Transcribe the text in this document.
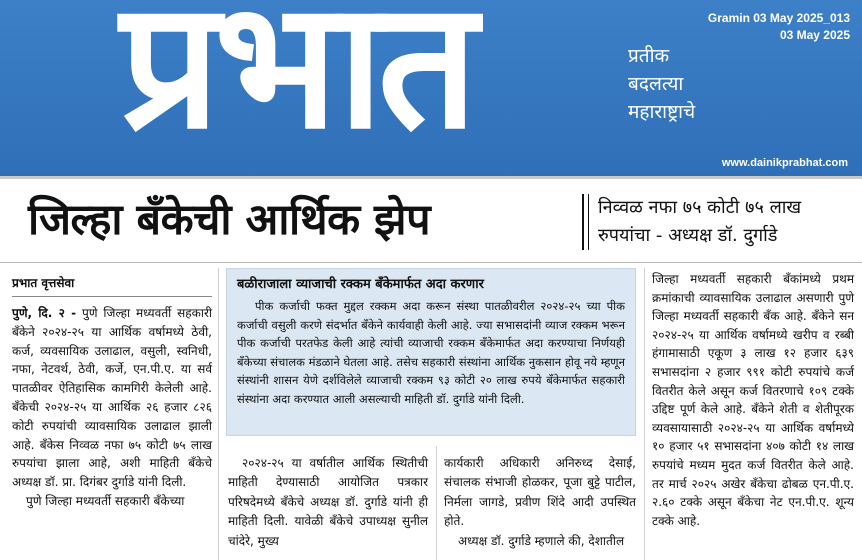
प्रभात	प्रतीक
बदलत्या
महाराष्ट्राचे
Gramin 03 May 2025_013
03 May 2025
www.dainikprabhat.com
जिल्हा बँकेची आर्थिक झेप	निव्वळ नफा ७५ कोटी ७५ लाख रुपयांचा - अध्यक्ष डॉ. दुर्गाडे
प्रभात वृत्तसेवा

पुणे, दि. २ - पुणे जिल्हा मध्यवर्ती सहकारी बँकेने २०२४-२५ या आर्थिक वर्षामध्ये ठेवी, कर्ज, व्यवसायिक उलाढाल, वसुली, स्वनिधी, नफा, नेटवर्थ, ठेवी, कर्जे, एन.पी.ए. या सर्व पातळीवर ऐतिहासिक कामगिरी केलेली आहे. बँकेची २०२४-२५ या आर्थिक २६ हजार ८२६ कोटी रुपयांची व्यावसायिक उलाढाल झाली आहे. बँकेस निव्वळ नफा ७५ कोटी ७५ लाख रुपयांचा झाला आहे, अशी माहिती बँकेचे अध्यक्ष डॉ. प्रा. दिगंबर दुर्गाडे यांनी दिली.

पुणे जिल्हा मध्यवर्ती सहकारी बँकेच्या

बळीराजाला व्याजाची रक्कम बँकेमार्फत अदा करणार
पीक कर्जाची फक्त मुद्दल रक्कम अदा करून संस्था पातळीवरील २०२४-२५ च्या पीक कर्जाची वसुली करणे संदर्भात बँकेने कार्यवाही केली आहे. ज्या सभासदांनी व्याज रक्कम भरून पीक कर्जाची परतफेड केली आहे त्यांची व्याजाची रक्कम बँकेमार्फत अदा करण्याचा निर्णयही बँकेच्या संचालक मंडळाने घेतला आहे. तसेच सहकारी संस्थांना आर्थिक नुकसान होवू नये म्हणून संस्थांनी शासन येणे दर्शविलेले व्याजाची रक्कम ९३ कोटी २० लाख रुपये बँकेमार्फत सहकारी संस्थांना अदा करण्यात आली असल्याची माहिती डॉ. दुर्गाडे यांनी दिली.
२०२४-२५ या वर्षातील आर्थिक स्थितीची माहिती देण्यासाठी आयोजित पत्रकार परिषदेमध्ये बँकेचे अध्यक्ष डॉ. दुर्गाडे यांनी ही माहिती दिली. यावेळी बँकेचे उपाध्यक्ष सुनील चांदेरे, मुख्य

कार्यकारी अधिकारी अनिरुध्द देसाई, संचालक संभाजी होळकर, पूजा बुट्टे पाटील, निर्मला जागडे, प्रवीण शिंदे आदी उपस्थित होते.

अध्यक्ष डॉ. दुर्गाडे म्हणाले की, देशातील

जिल्हा मध्यवर्ती सहकारी बँकांमध्ये प्रथम क्रमांकाची व्यावसायिक उलाढाल असणारी पुणे जिल्हा मध्यवर्ती सहकारी बँक आहे. बँकेने सन २०२४-२५ या आर्थिक वर्षामध्ये खरीप व रब्बी हंगामासाठी एकूण ३ लाख १२ हजार ६३९ सभासदांना २ हजार ९९१ कोटी रुपयांचे कर्ज वितरीत केले असून कर्ज वितरणाचे १०९ टक्के उद्दिष्ट पूर्ण केले आहे. बँकेने शेती व शेतीपूरक व्यवसायासाठी २०२४-२५ या आर्थिक वर्षामध्ये १० हजार ५१ सभासदांना ४०७ कोटी १४ लाख रुपयांचे मध्यम मुदत कर्ज वितरीत केले आहे. तर मार्च २०२५ अखेर बँकेचा ढोबळ एन.पी.ए. २.६० टक्के असून बँकेचा नेट एन.पी.ए. शून्य टक्के आहे.
